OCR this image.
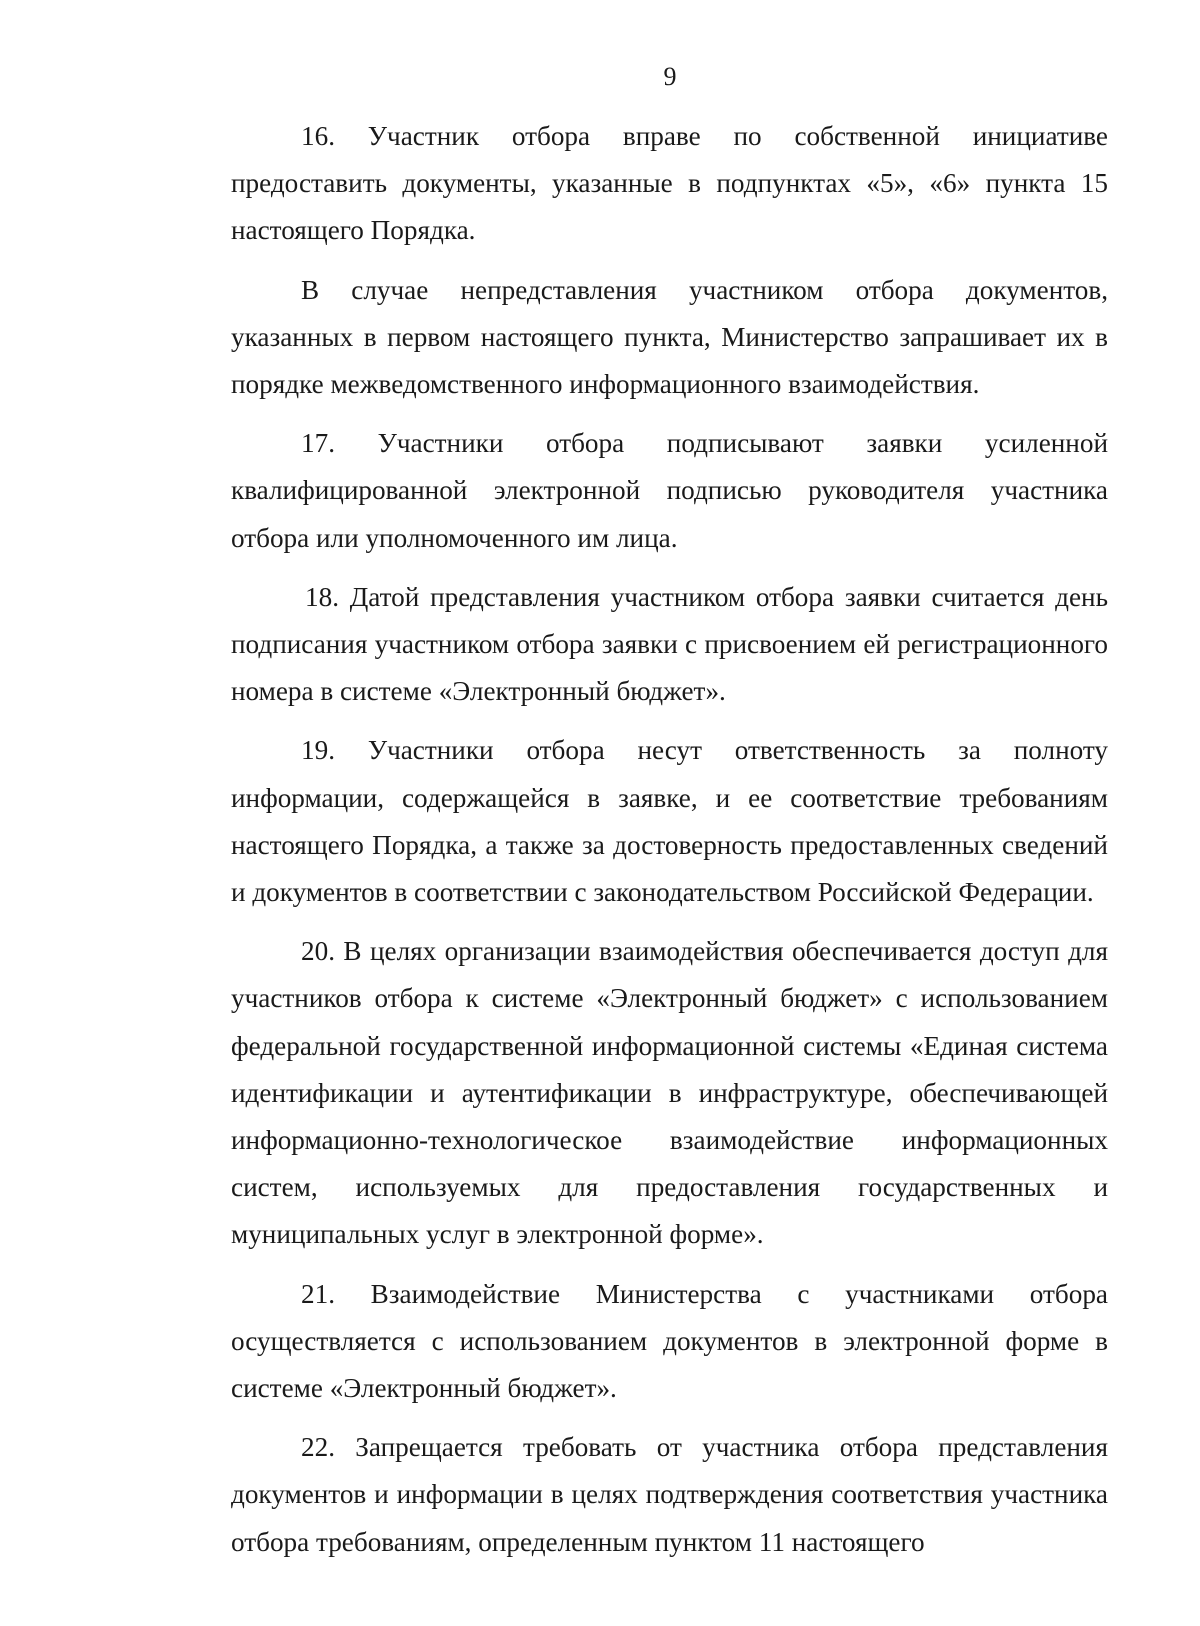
9

16. Участник отбора вправе по собственной инициативе предоставить документы, указанные в подпунктах «5», «6» пункта 15 настоящего Порядка.

В случае непредставления участником отбора документов, указанных в первом настоящего пункта, Министерство запрашивает их в порядке межведомственного информационного взаимодействия.

17. Участники отбора подписывают заявки усиленной квалифицированной электронной подписью руководителя участника отбора или уполномоченного им лица.

18. Датой представления участником отбора заявки считается день подписания участником отбора заявки с присвоением ей регистрационного номера в системе «Электронный бюджет».

19. Участники отбора несут ответственность за полноту информации, содержащейся в заявке, и ее соответствие требованиям настоящего Порядка, а также за достоверность предоставленных сведений и документов в соответствии с законодательством Российской Федерации.

20. В целях организации взаимодействия обеспечивается доступ для участников отбора к системе «Электронный бюджет» с использованием федеральной государственной информационной системы «Единая система идентификации и аутентификации в инфраструктуре, обеспечивающей информационно-технологическое взаимодействие информационных систем, используемых для предоставления государственных и муниципальных услуг в электронной форме».

21. Взаимодействие Министерства с участниками отбора осуществляется с использованием документов в электронной форме в системе «Электронный бюджет».

22. Запрещается требовать от участника отбора представления документов и информации в целях подтверждения соответствия участника отбора требованиям, определенным пунктом 11 настоящего
